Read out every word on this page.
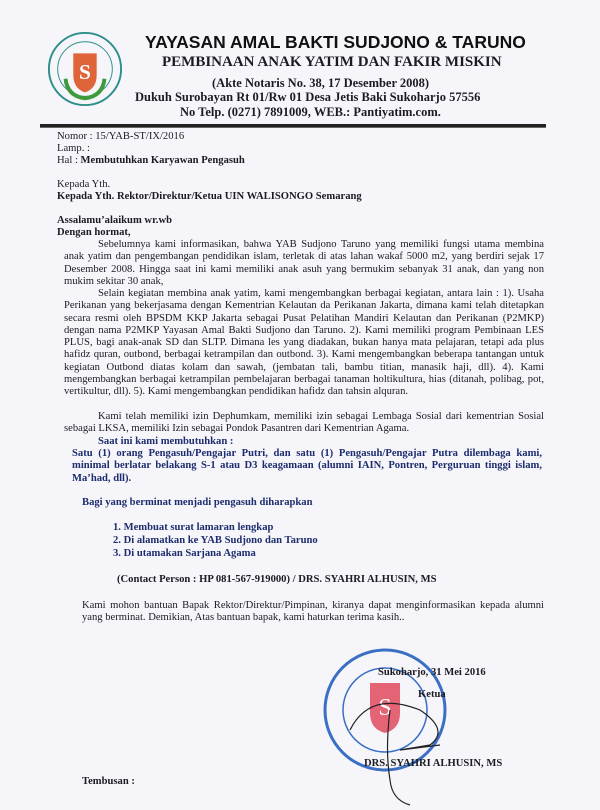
S
YAYASAN AMAL BAKTI SUDJONO & TARUNO
PEMBINAAN ANAK YATIM DAN FAKIR MISKIN
(Akte Notaris No. 38, 17 Desember 2008)
Dukuh Surobayan Rt 01/Rw 01 Desa Jetis Baki Sukoharjo 57556
No Telp. (0271) 7891009, WEB.: Pantiyatim.com.
Nomor : 15/YAB-ST/IX/2016
Lamp. :
Hal : Membutuhkan Karyawan Pengasuh
Kepada Yth.
Kepada Yth. Rektor/Direktur/Ketua UIN WALISONGO Semarang
Assalamu’alaikum wr.wb
Dengan hormat,
Sebelumnya kami informasikan, bahwa YAB Sudjono Taruno yang memiliki fungsi utama membina anak yatim dan pengembangan pendidikan islam, terletak di atas lahan wakaf 5000 m2, yang berdiri sejak 17 Desember 2008. Hingga saat ini kami memiliki anak asuh yang bermukim sebanyak 31 anak, dan yang non mukim sekitar 30 anak,
Selain kegiatan membina anak yatim, kami mengembangkan berbagai kegiatan, antara lain : 1). Usaha Perikanan yang bekerjasama dengan Kementrian Kelautan da Perikanan Jakarta, dimana kami telah ditetapkan secara resmi oleh BPSDM KKP Jakarta sebagai Pusat Pelatihan Mandiri Kelautan dan Perikanan (P2MKP) dengan nama P2MKP Yayasan Amal Bakti Sudjono dan Taruno. 2). Kami memiliki program Pembinaan LES PLUS, bagi anak-anak SD dan SLTP. Dimana les yang diadakan, bukan hanya mata pelajaran, tetapi ada plus hafidz quran, outbond, berbagai ketrampilan dan outbond. 3). Kami mengembangkan beberapa tantangan untuk kegiatan Outbond diatas kolam dan sawah, (jembatan tali, bambu titian, manasik haji, dll). 4). Kami mengembangkan berbagai ketrampilan pembelajaran berbagai tanaman holtikultura, hias (ditanah, polibag, pot, vertikultur, dll). 5). Kami mengembangkan pendidikan hafidz dan tahsin alquran.
Kami telah memiliki izin Dephumkam, memiliki izin sebagai Lembaga Sosial dari kementrian Sosial sebagai LKSA, memiliki Izin sebagai Pondok Pasantren dari Kementrian Agama.
Saat ini kami membutuhkan :
Satu (1) orang Pengasuh/Pengajar Putri, dan satu (1) Pengasuh/Pengajar Putra dilembaga kami, minimal berlatar belakang S-1 atau D3 keagamaan (alumni IAIN, Pontren, Perguruan tinggi islam, Ma’had, dll).
Bagi yang berminat menjadi pengasuh diharapkan
1. Membuat surat lamaran lengkap
2. Di alamatkan ke YAB Sudjono dan Taruno
3. Di utamakan Sarjana Agama
(Contact Person : HP 081-567-919000) / DRS. SYAHRI ALHUSIN, MS
Kami mohon bantuan Bapak Rektor/Direktur/Pimpinan, kiranya dapat menginformasikan kepada alumni yang berminat. Demikian, Atas bantuan bapak, kami haturkan terima kasih..
S
Sukoharjo, 31 Mei 2016
Ketua
DRS. SYAHRI ALHUSIN, MS
Tembusan :
